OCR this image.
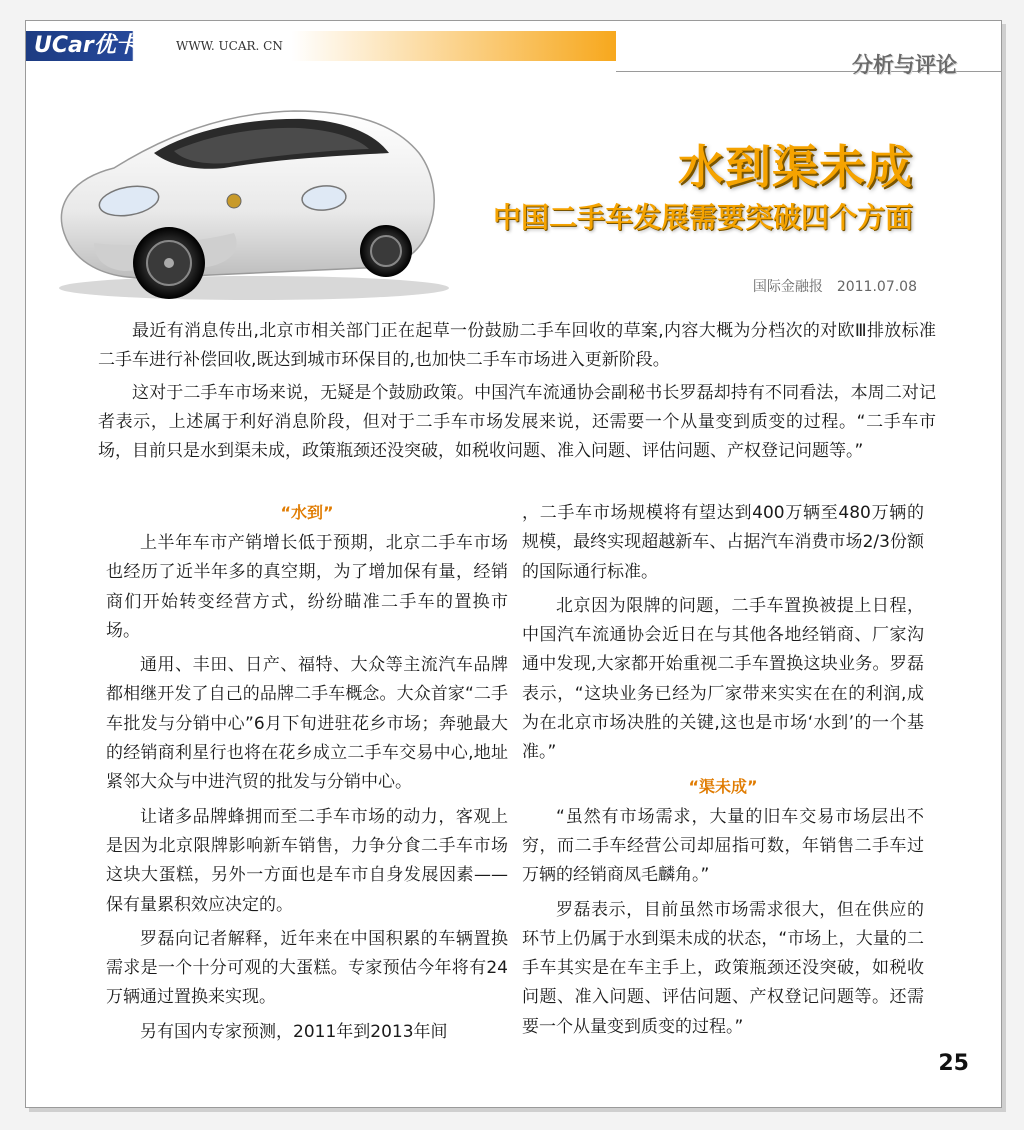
UCar优卡	WWW. UCAR. CN
分析与评论
水到渠未成
中国二手车发展需要突破四个方面
国际金融报　2011.07.08

最近有消息传出,北京市相关部门正在起草一份鼓励二手车回收的草案,内容大概为分档次的对欧Ⅲ排放标准二手车进行补偿回收,既达到城市环保目的,也加快二手车市场进入更新阶段。

这对于二手车市场来说，无疑是个鼓励政策。中国汽车流通协会副秘书长罗磊却持有不同看法，本周二对记者表示，上述属于利好消息阶段，但对于二手车市场发展来说，还需要一个从量变到质变的过程。“二手车市场，目前只是水到渠未成，政策瓶颈还没突破，如税收问题、准入问题、评估问题、产权登记问题等。”

“水到”

上半年车市产销增长低于预期，北京二手车市场也经历了近半年多的真空期，为了增加保有量，经销商们开始转变经营方式，纷纷瞄准二手车的置换市场。

通用、丰田、日产、福特、大众等主流汽车品牌都相继开发了自己的品牌二手车概念。大众首家“二手车批发与分销中心”6月下旬进驻花乡市场；奔驰最大的经销商利星行也将在花乡成立二手车交易中心,地址紧邻大众与中进汽贸的批发与分销中心。

让诸多品牌蜂拥而至二手车市场的动力，客观上是因为北京限牌影响新车销售，力争分食二手车市场这块大蛋糕，另外一方面也是车市自身发展因素——保有量累积效应决定的。

罗磊向记者解释，近年来在中国积累的车辆置换需求是一个十分可观的大蛋糕。专家预估今年将有24万辆通过置换来实现。

另有国内专家预测，2011年到2013年间

，二手车市场规模将有望达到400万辆至480万辆的规模，最终实现超越新车、占据汽车消费市场2/3份额的国际通行标准。

北京因为限牌的问题，二手车置换被提上日程，中国汽车流通协会近日在与其他各地经销商、厂家沟通中发现,大家都开始重视二手车置换这块业务。罗磊表示，“这块业务已经为厂家带来实实在在的利润,成为在北京市场决胜的关键,这也是市场‘水到’的一个基准。”

“渠未成”

“虽然有市场需求，大量的旧车交易市场层出不穷，而二手车经营公司却屈指可数，年销售二手车过万辆的经销商凤毛麟角。”

罗磊表示，目前虽然市场需求很大，但在供应的环节上仍属于水到渠未成的状态，“市场上，大量的二手车其实是在车主手上，政策瓶颈还没突破，如税收问题、准入问题、评估问题、产权登记问题等。还需要一个从量变到质变的过程。”

25
